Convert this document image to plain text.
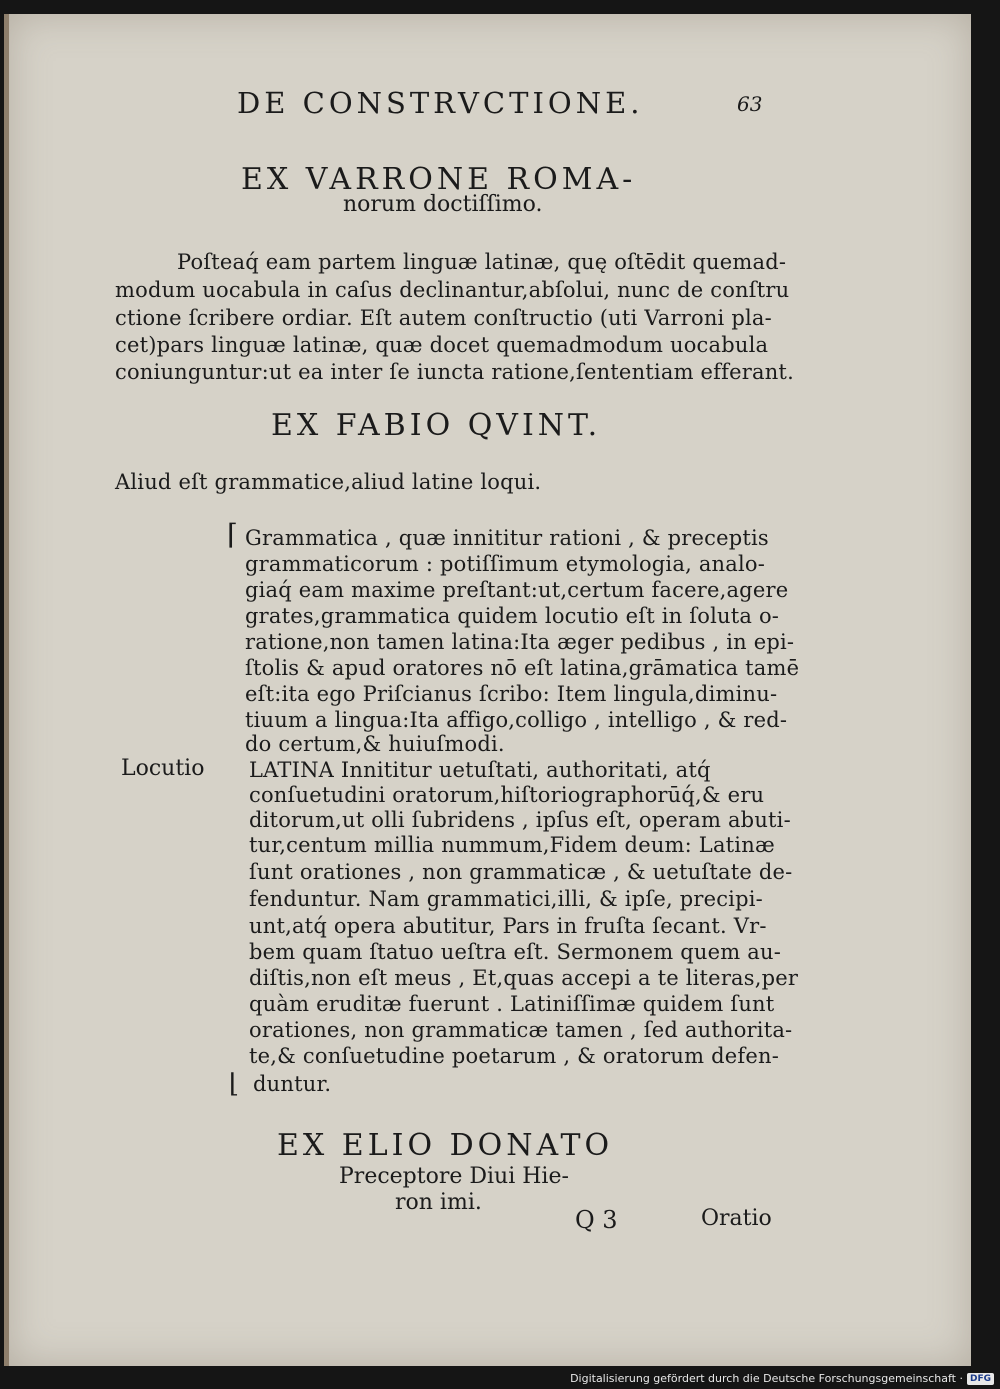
DE CONSTRVCTIONE.	63
EX VARRONE ROMA-
norum doctiſſimo.
Poſteaq́ eam partem linguæ latinæ, quę oſtēdit quemad-
modum uocabula in caſus declinantur,abſolui, nunc de conſtru
ctione ſcribere ordiar. Eſt autem conſtructio (uti Varroni pla-
cet)pars linguæ latinæ, quæ docet quemadmodum uocabula
coniunguntur:ut ea inter ſe iuncta ratione,ſententiam efferant.
EX FABIO QVINT.
Aliud eſt grammatice,aliud latine loqui.
⌈
⌊
Grammatica , quæ innititur rationi , & preceptis
grammaticorum : potiſſimum etymologia, analo-
giaq́ eam maxime preſtant:ut,certum facere,agere
grates,grammatica quidem locutio eſt in ſoluta o-
ratione,non tamen latina:Ita æger pedibus , in epi-
ſtolis & apud oratores nō eſt latina,grāmatica tamē
eſt:ita ego Priſcianus ſcribo: Item lingula,diminu-
tiuum a lingua:Ita affigo,colligo , intelligo , & red-
do certum,& huiuſmodi.
Locutio LATINA Innititur uetuſtati, authoritati, atq́
conſuetudini oratorum,hiſtoriographorūq́,& eru
ditorum,ut olli ſubridens , ipſus eſt, operam abuti-
tur,centum millia nummum,Fidem deum: Latinæ
ſunt orationes , non grammaticæ , & uetuſtate de-
fenduntur. Nam grammatici,illi, & ipſe, precipi-
unt,atq́ opera abutitur, Pars in fruſta ſecant. Vr-
bem quam ſtatuo ueſtra eſt. Sermonem quem au-
diſtis,non eſt meus , Et,quas accepi a te literas,per
quàm eruditæ fuerunt . Latiniſſimæ quidem ſunt
orationes, non grammaticæ tamen , ſed authorita-
te,& conſuetudine poetarum , & oratorum defen-
duntur.
EX ELIO DONATO
Preceptore Diui Hie-
ron imi.
Q 3	Oratio
Digitalisierung gefördert durch die Deutsche Forschungsgemeinschaft · DFG
